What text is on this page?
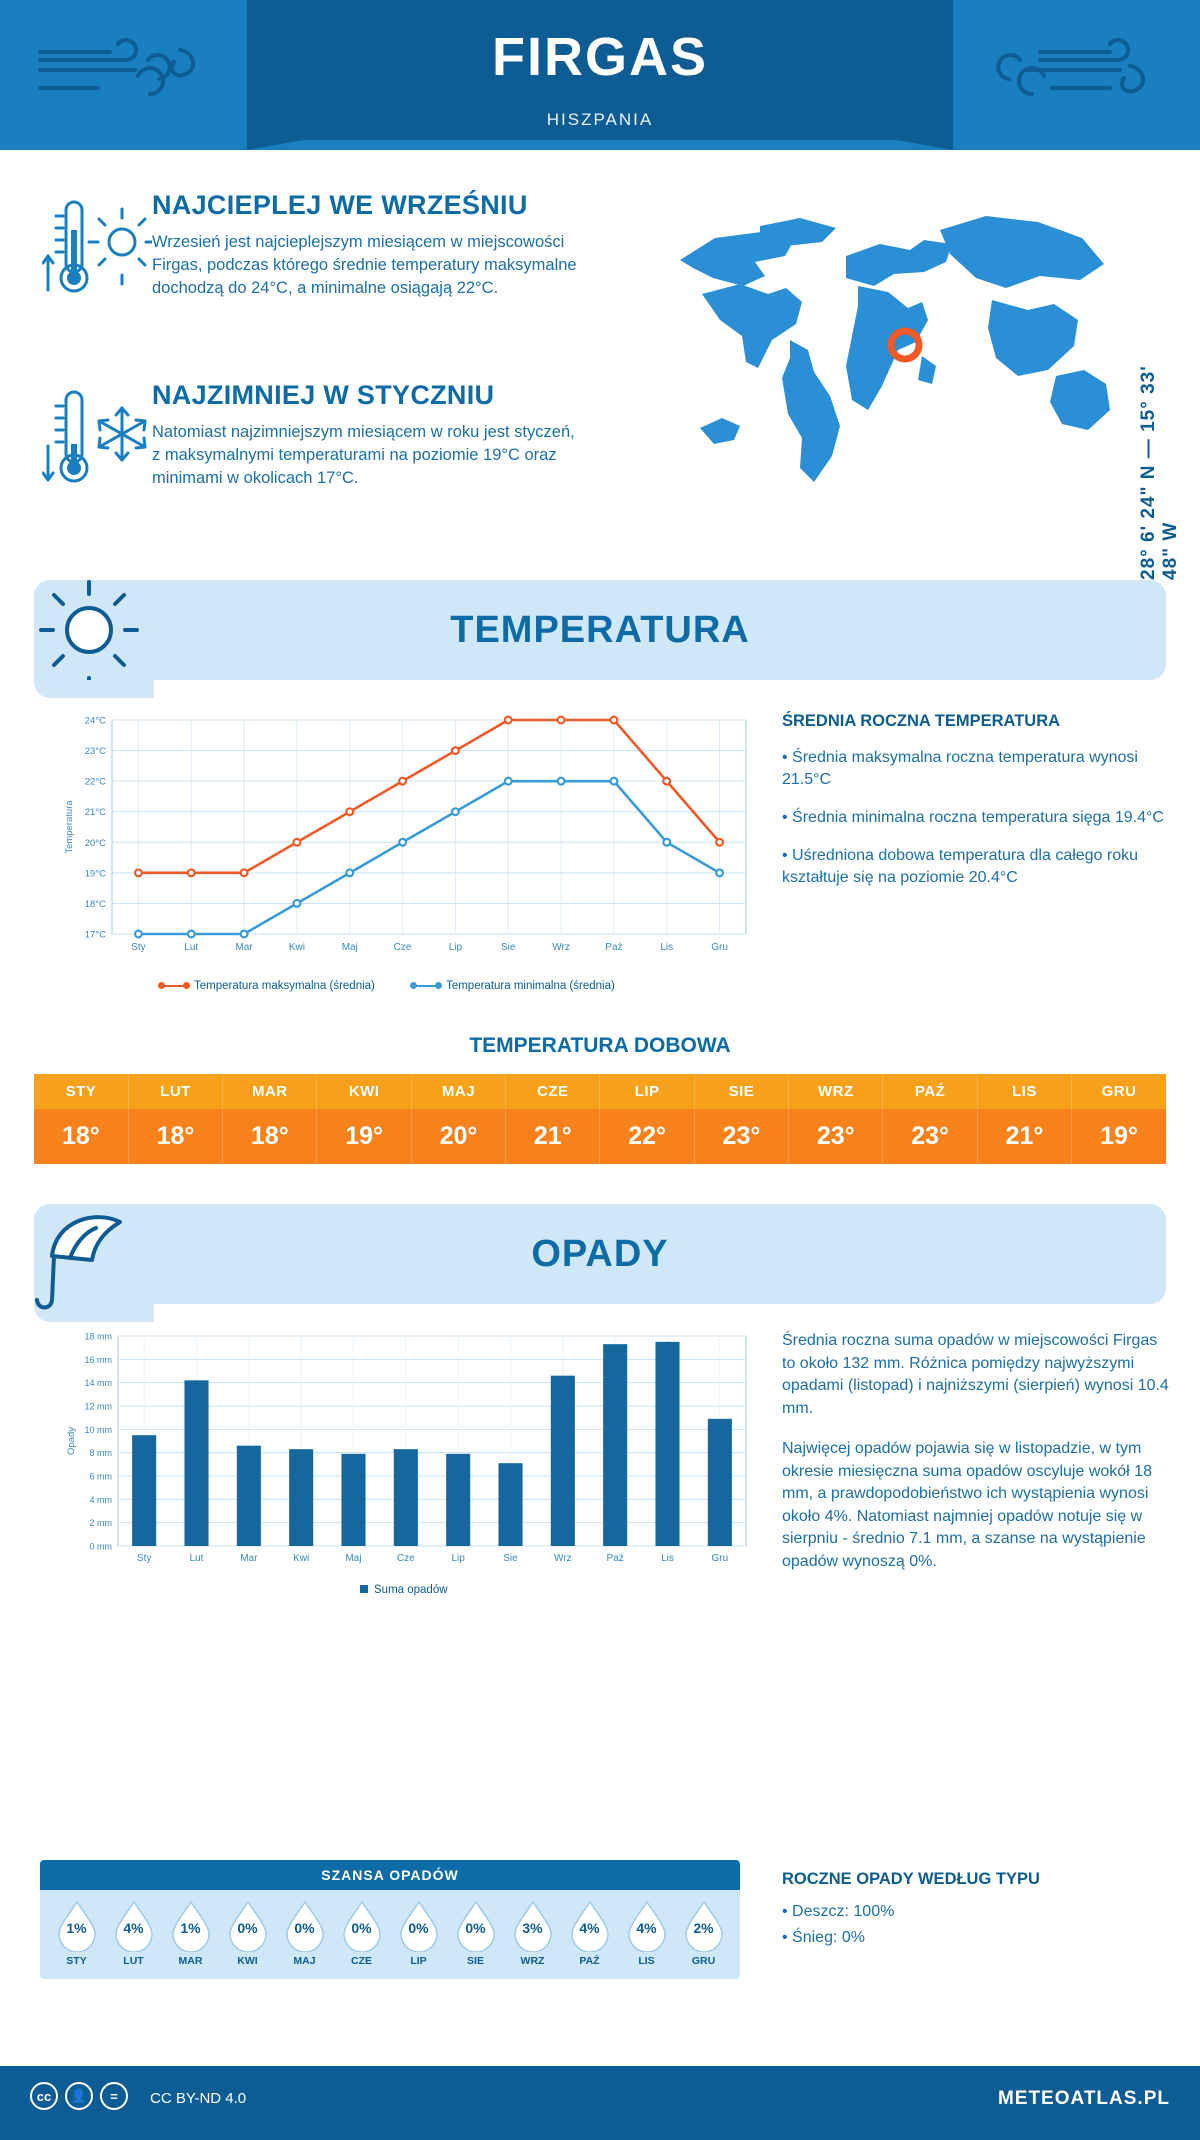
FIRGAS
HISZPANIA
NAJCIEPLEJ WE WRZEŚNIU
Wrzesień jest najcieplejszym miesiącem w miejscowości Firgas, podczas którego średnie temperatury maksymalne dochodzą do 24°C, a minimalne osiągają 22°C.
NAJZIMNIEJ W STYCZNIU
Natomiast najzimniejszym miesiącem w roku jest styczeń, z maksymalnymi temperaturami na poziomie 19°C oraz minimami w okolicach 17°C.	28° 6' 24" N — 15° 33' 48" W
TEMPERATURA
17°C
18°C
19°C
20°C
21°C
22°C
23°C
24°C
Sty	Lut	Mar	Kwi	Maj	Cze	Lip	Sie	Wrz	Paź	Lis	Gru
Temperatura
Temperatura maksymalna (średnia)	Temperatura minimalna (średnia)
ŚREDNIA ROCZNA TEMPERATURA

• Średnia maksymalna roczna temperatura wynosi 21.5°C

• Średnia minimalna roczna temperatura sięga 19.4°C

• Uśredniona dobowa temperatura dla całego roku kształtuje się na poziomie 20.4°C

TEMPERATURA DOBOWA
STY	LUT	MAR	KWI	MAJ	CZE	LIP	SIE	WRZ	PAŹ	LIS	GRU
18°	18°	18°	19°	20°	21°	22°	23°	23°	23°	21°	19°
OPADY
0 mm
2 mm
4 mm
6 mm
8 mm
10 mm
12 mm
14 mm
16 mm
18 mm
Sty	Lut	Mar	Kwi	Maj	Cze	Lip	Sie	Wrz	Paź	Lis	Gru
Opady
Suma opadów

Średnia roczna suma opadów w miejscowości Firgas to około 132 mm. Różnica pomiędzy najwyższymi opadami (listopad) i najniższymi (sierpień) wynosi 10.4 mm.

Najwięcej opadów pojawia się w listopadzie, w tym okresie miesięczna suma opadów oscyluje wokół 18 mm, a prawdopodobieństwo ich wystąpienia wynosi około 4%. Natomiast najmniej opadów notuje się w sierpniu - średnio 7.1 mm, a szanse na wystąpienie opadów wynoszą 0%.

SZANSA OPADÓW
1%
STY
4%
LUT
1%
MAR
0%
KWI
0%
MAJ
0%
CZE
0%
LIP
0%
SIE
3%
WRZ
4%
PAŹ
4%
LIS
2%
GRU
ROCZNE OPADY WEDŁUG TYPU

• Deszcz: 100%

• Śnieg: 0%

cc	👤	=	CC BY-ND 4.0	METEOATLAS.PL
